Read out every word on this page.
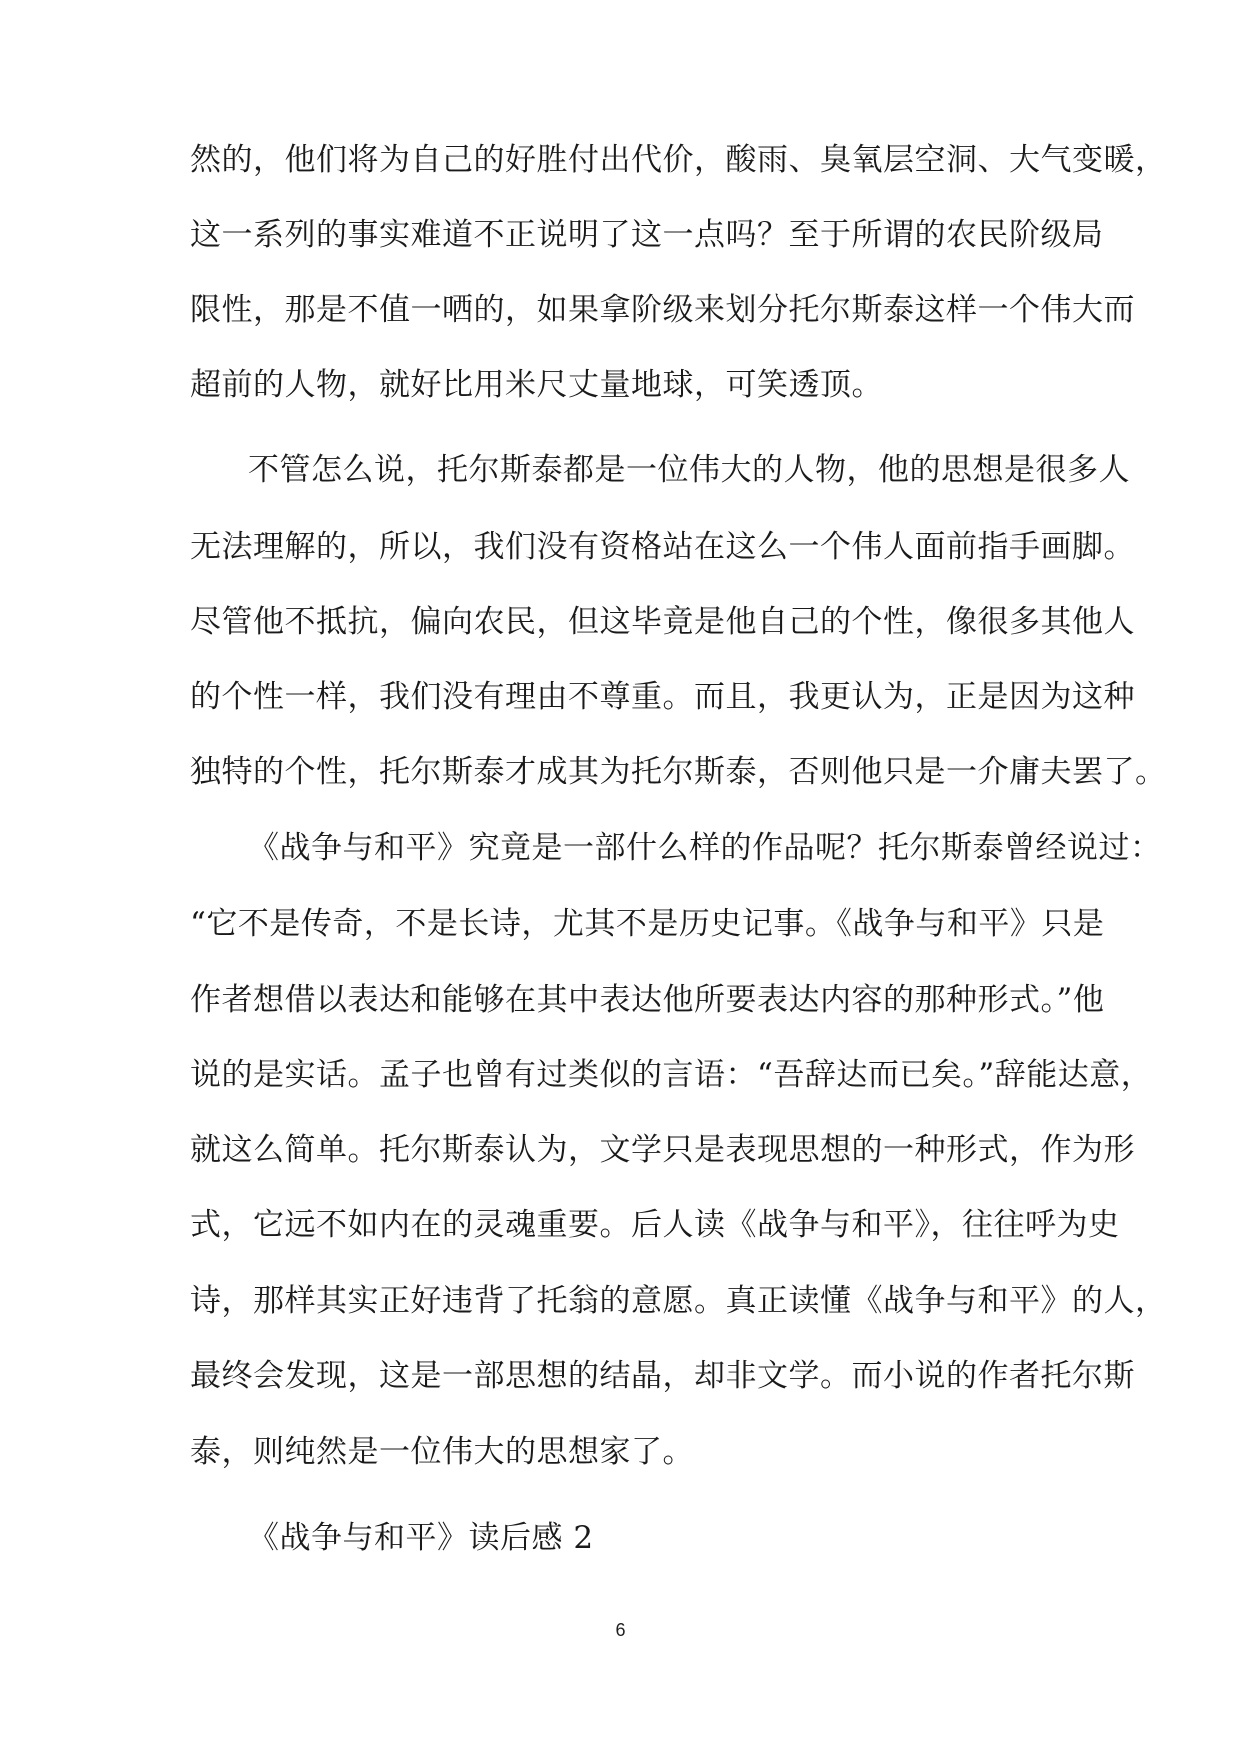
然的，他们将为自己的好胜付出代价，酸雨、臭氧层空洞、大气变暖，
这一系列的事实难道不正说明了这一点吗？至于所谓的农民阶级局
限性，那是不值一哂的，如果拿阶级来划分托尔斯泰这样一个伟大而
超前的人物，就好比用米尺丈量地球，可笑透顶。
不管怎么说，托尔斯泰都是一位伟大的人物，他的思想是很多人
无法理解的，所以，我们没有资格站在这么一个伟人面前指手画脚。
尽管他不抵抗，偏向农民，但这毕竟是他自己的个性，像很多其他人
的个性一样，我们没有理由不尊重。而且，我更认为，正是因为这种
独特的个性，托尔斯泰才成其为托尔斯泰，否则他只是一介庸夫罢了。
《战争与和平》究竟是一部什么样的作品呢？托尔斯泰曾经说过：
“它不是传奇，不是长诗，尤其不是历史记事。《战争与和平》只是
作者想借以表达和能够在其中表达他所要表达内容的那种形式。”他
说的是实话。孟子也曾有过类似的言语：“吾辞达而已矣。”辞能达意，
就这么简单。托尔斯泰认为，文学只是表现思想的一种形式，作为形
式，它远不如内在的灵魂重要。后人读《战争与和平》，往往呼为史
诗，那样其实正好违背了托翁的意愿。真正读懂《战争与和平》的人，
最终会发现，这是一部思想的结晶，却非文学。而小说的作者托尔斯
泰，则纯然是一位伟大的思想家了。
《战争与和平》读后感 2
6
